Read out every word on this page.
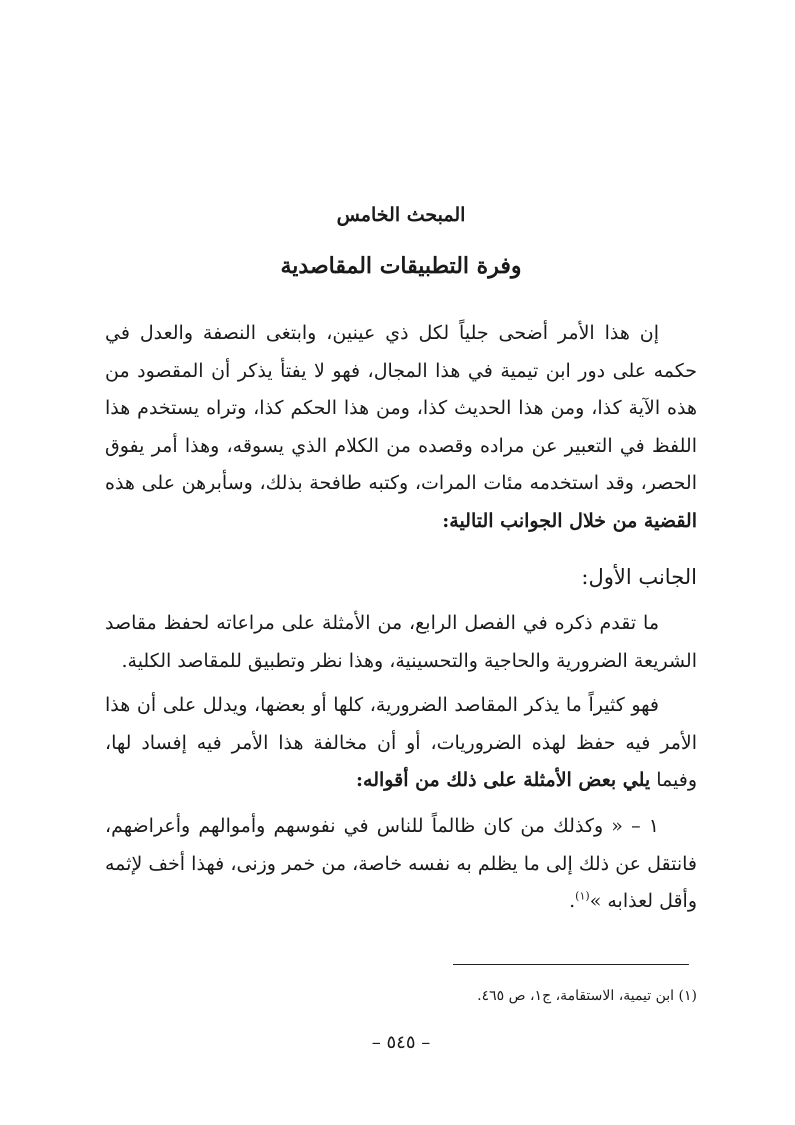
المبحث الخامس
وفرة التطبيقات المقاصدية

إن هذا الأمر أضحى جلياً لكل ذي عينين، وابتغى النصفة والعدل في حكمه على دور ابن تيمية في هذا المجال، فهو لا يفتأ يذكر أن المقصود من هذه الآية كذا، ومن هذا الحديث كذا، ومن هذا الحكم كذا، وتراه يستخدم هذا اللفظ في التعبير عن مراده وقصده من الكلام الذي يسوقه، وهذا أمر يفوق الحصر، وقد استخدمه مئات المرات، وكتبه طافحة بذلك، وسأبرهن على هذه القضية من خلال الجوانب التالية:

الجانب الأول:

ما تقدم ذكره في الفصل الرابع، من الأمثلة على مراعاته لحفظ مقاصد الشريعة الضرورية والحاجية والتحسينية، وهذا نظر وتطبيق للمقاصد الكلية.

فهو كثيراً ما يذكر المقاصد الضرورية، كلها أو بعضها، ويدلل على أن هذا الأمر فيه حفظ لهذه الضروريات، أو أن مخالفة هذا الأمر فيه إفساد لها، وفيما يلي بعض الأمثلة على ذلك من أقواله:

١ – « وكذلك من كان ظالماً للناس في نفوسهم وأموالهم وأعراضهم، فانتقل عن ذلك إلى ما يظلم به نفسه خاصة، من خمر وزنى، فهذا أخف لإثمه وأقل لعذابه »$^{(١)}$.

(١) ابن تيمية، الاستقامة، ج١، ص ٤٦٥.
– ٥٤٥ –
